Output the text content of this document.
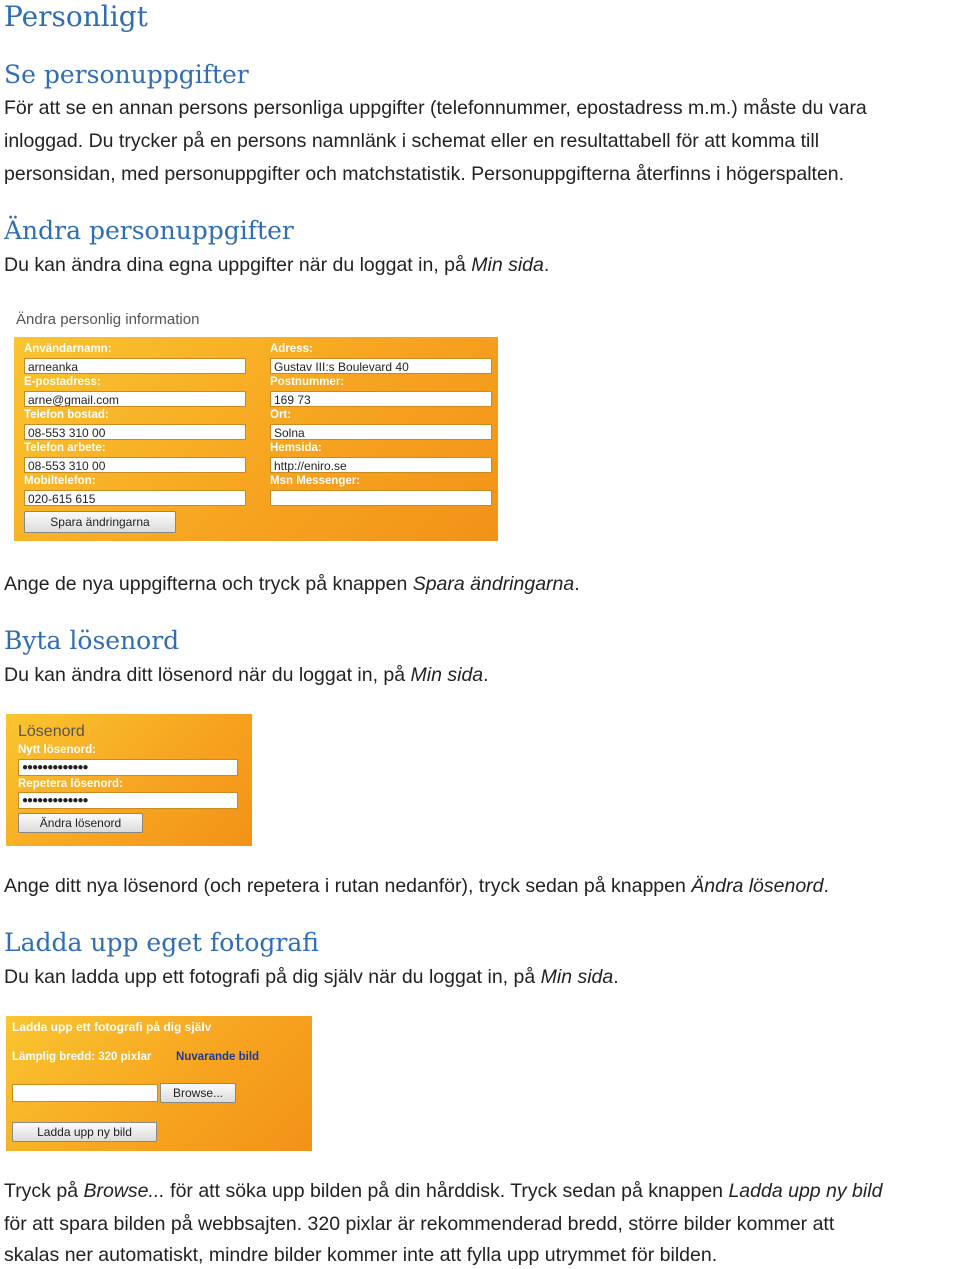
Personligt
Se personuppgifter
För att se en annan persons personliga uppgifter (telefonnummer, epostadress m.m.) måste du vara
inloggad. Du trycker på en persons namnlänk i schemat eller en resultattabell för att komma till
personsidan, med personuppgifter och matchstatistik. Personuppgifterna återfinns i högerspalten.
Ändra personuppgifter
Du kan ändra dina egna uppgifter när du loggat in, på Min sida.
Ändra personlig information
Användarnamn:
arneanka
E-postadress:
arne@gmail.com
Telefon bostad:
08-553 310 00
Telefon arbete:
08-553 310 00
Mobiltelefon:
020-615 615
Spara ändringarna
Adress:
Gustav III:s Boulevard 40
Postnummer:
169 73
Ort:
Solna
Hemsida:
http://eniro.se
Msn Messenger:
Ange de nya uppgifterna och tryck på knappen Spara ändringarna.
Byta lösenord
Du kan ändra ditt lösenord när du loggat in, på Min sida.
Lösenord
Nytt lösenord:
●●●●●●●●●●●●●
Repetera lösenord:
●●●●●●●●●●●●●
Ändra lösenord
Ange ditt nya lösenord (och repetera i rutan nedanför), tryck sedan på knappen Ändra lösenord.
Ladda upp eget fotografi
Du kan ladda upp ett fotografi på dig själv när du loggat in, på Min sida.
Ladda upp ett fotografi på dig själv
Lämplig bredd: 320 pixlar Nuvarande bild
Browse...
Ladda upp ny bild
Tryck på Browse... för att söka upp bilden på din hårddisk. Tryck sedan på knappen Ladda upp ny bild
för att spara bilden på webbsajten. 320 pixlar är rekommenderad bredd, större bilder kommer att
skalas ner automatiskt, mindre bilder kommer inte att fylla upp utrymmet för bilden.
